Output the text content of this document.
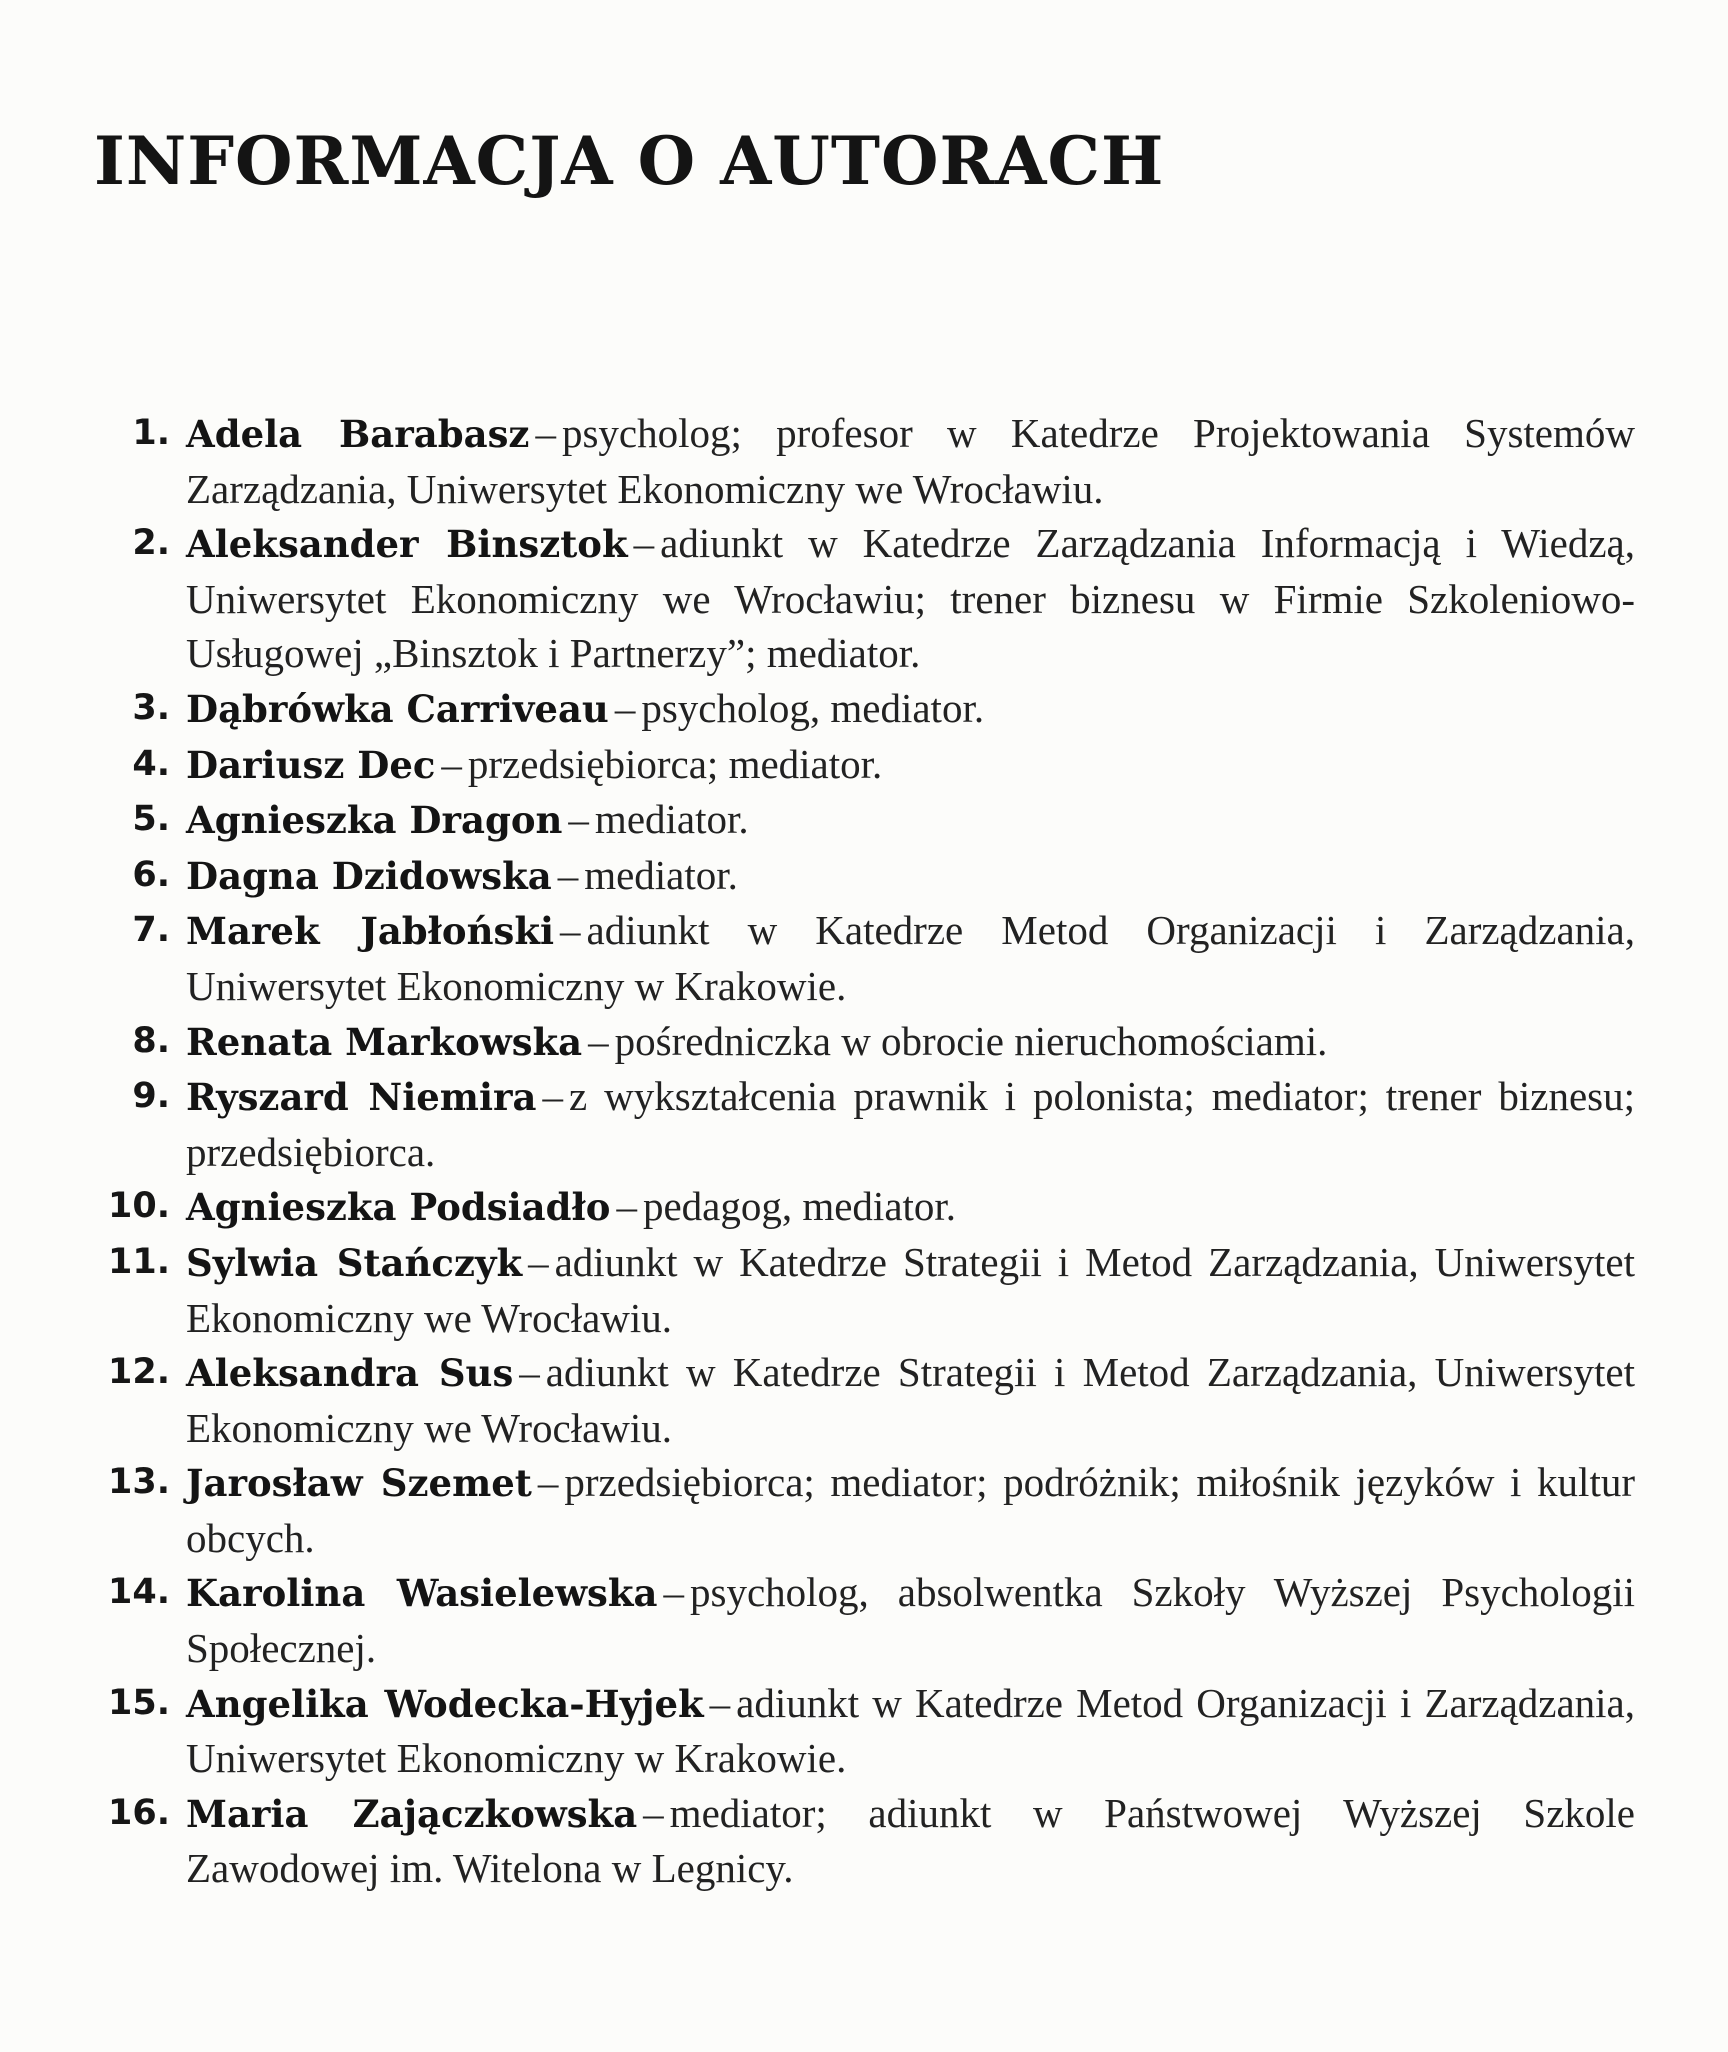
INFORMACJA O AUTORACH
1. Adela Barabasz – psycholog; profesor w Katedrze Projektowania Systemów Zarządzania, Uniwersytet Ekonomiczny we Wrocławiu.
2. Aleksander Binsztok – adiunkt w Katedrze Zarządzania Informacją i Wiedzą, Uniwersytet Ekonomiczny we Wrocławiu; trener biznesu w Firmie Szkoleniowo-Usługowej „Binsztok i Partnerzy”; mediator.
3. Dąbrówka Carriveau – psycholog, mediator.
4. Dariusz Dec – przedsiębiorca; mediator.
5. Agnieszka Dragon – mediator.
6. Dagna Dzidowska – mediator.
7. Marek Jabłoński – adiunkt w Katedrze Metod Organizacji i Zarządzania, Uniwersytet Ekonomiczny w Krakowie.
8. Renata Markowska – pośredniczka w obrocie nieruchomościami.
9. Ryszard Niemira – z wykształcenia prawnik i polonista; mediator; trener biznesu; przedsiębiorca.
10. Agnieszka Podsiadło – pedagog, mediator.
11. Sylwia Stańczyk – adiunkt w Katedrze Strategii i Metod Zarządzania, Uniwersytet Ekonomiczny we Wrocławiu.
12. Aleksandra Sus – adiunkt w Katedrze Strategii i Metod Zarządzania, Uniwersytet Ekonomiczny we Wrocławiu.
13. Jarosław Szemet – przedsiębiorca; mediator; podróżnik; miłośnik języków i kultur obcych.
14. Karolina Wasielewska – psycholog, absolwentka Szkoły Wyższej Psychologii Społecznej.
15. Angelika Wodecka-Hyjek – adiunkt w Katedrze Metod Organizacji i Zarządzania, Uniwersytet Ekonomiczny w Krakowie.
16. Maria Zajączkowska – mediator; adiunkt w Państwowej Wyższej Szkole Zawodowej im. Witelona w Legnicy.
